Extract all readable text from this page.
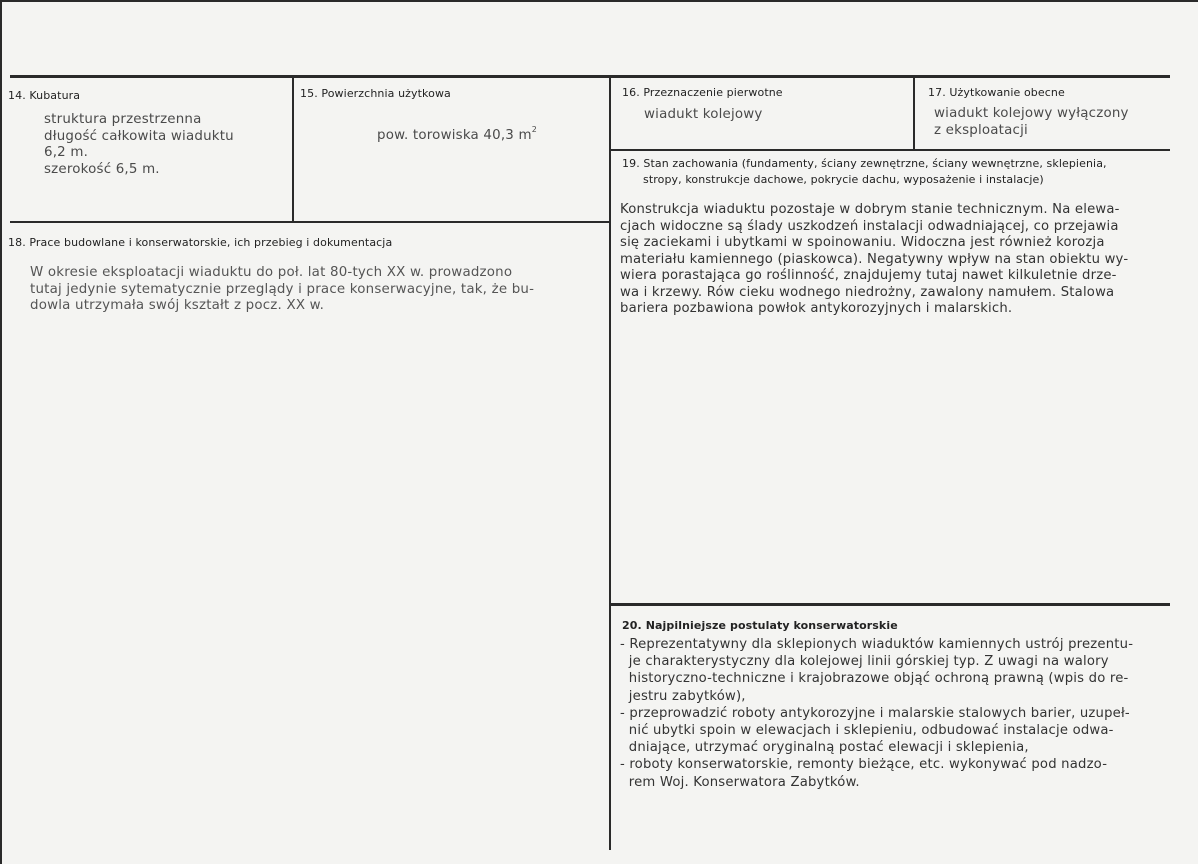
14. Kubatura

struktura przestrzenna

długość całkowita wiaduktu

6,2 m.

szerokość 6,5 m.

15. Powierzchnia użytkowa
pow. torowiska 40,3 $m^2$
16. Przeznaczenie pierwotne
wiadukt kolejowy
17. Użytkowanie obecne

wiadukt kolejowy wyłączony

z eksploatacji

18. Prace budowlane i konserwatorskie, ich przebieg i dokumentacja

W okresie eksploatacji wiaduktu do poł. lat 80-tych XX w. prowadzono

tutaj jedynie sytematycznie przeglądy i prace konserwacyjne, tak, że bu-

dowla utrzymała swój kształt z pocz. XX w.

19. Stan zachowania (fundamenty, ściany zewnętrzne, ściany wewnętrzne, sklepienia,
stropy, konstrukcje dachowe, pokrycie dachu, wyposażenie i instalacje)

Konstrukcja wiaduktu pozostaje w dobrym stanie technicznym. Na elewa-

cjach widoczne są ślady uszkodzeń instalacji odwadniającej, co przejawia

się zaciekami i ubytkami w spoinowaniu. Widoczna jest również korozja

materiału kamiennego (piaskowca). Negatywny wpływ na stan obiektu wy-

wiera porastająca go roślinność, znajdujemy tutaj nawet kilkuletnie drze-

wa i krzewy. Rów cieku wodnego niedrożny, zawalony namułem. Stalowa

bariera pozbawiona powłok antykorozyjnych i malarskich.

20. Najpilniejsze postulaty konserwatorskie

- Reprezentatywny dla sklepionych wiaduktów kamiennych ustrój prezentu-

je charakterystyczny dla kolejowej linii górskiej typ. Z uwagi na walory

historyczno-techniczne i krajobrazowe objąć ochroną prawną (wpis do re-

jestru zabytków),

- przeprowadzić roboty antykorozyjne i malarskie stalowych barier, uzupeł-

nić ubytki spoin w elewacjach i sklepieniu, odbudować instalacje odwa-

dniające, utrzymać oryginalną postać elewacji i sklepienia,

- roboty konserwatorskie, remonty bieżące, etc. wykonywać pod nadzo-

rem Woj. Konserwatora Zabytków.
